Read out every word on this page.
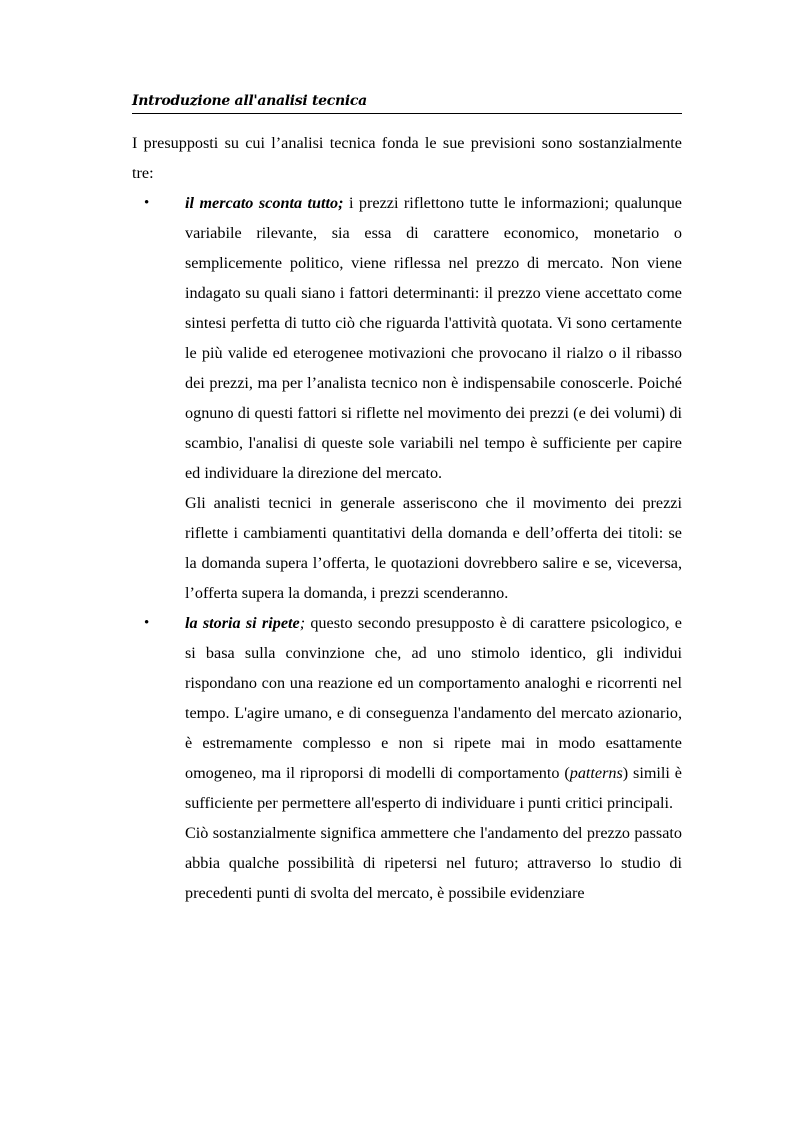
Introduzione all'analisi tecnica

I presupposti su cui l’analisi tecnica fonda le sue previsioni sono sostanzialmente tre:

• il mercato sconta tutto; i prezzi riflettono tutte le informazioni; qualunque variabile rilevante, sia essa di carattere economico, monetario o semplicemente politico, viene riflessa nel prezzo di mercato. Non viene indagato su quali siano i fattori determinanti: il prezzo viene accettato come sintesi perfetta di tutto ciò che riguarda l'attività quotata. Vi sono certamente le più valide ed eterogenee motivazioni che provocano il rialzo o il ribasso dei prezzi, ma per l’analista tecnico non è indispensabile conoscerle. Poiché ognuno di questi fattori si riflette nel movimento dei prezzi (e dei volumi) di scambio, l'analisi di queste sole variabili nel tempo è sufficiente per capire ed individuare la direzione del mercato.

Gli analisti tecnici in generale asseriscono che il movimento dei prezzi riflette i cambiamenti quantitativi della domanda e dell’offerta dei titoli: se la domanda supera l’offerta, le quotazioni dovrebbero salire e se, viceversa, l’offerta supera la domanda, i prezzi scenderanno.

• la storia si ripete; questo secondo presupposto è di carattere psicologico, e si basa sulla convinzione che, ad uno stimolo identico, gli individui rispondano con una reazione ed un comportamento analoghi e ricorrenti nel tempo. L'agire umano, e di conseguenza l'andamento del mercato azionario, è estremamente complesso e non si ripete mai in modo esattamente omogeneo, ma il riproporsi di modelli di comportamento (patterns) simili è sufficiente per permettere all'esperto di individuare i punti critici principali.

Ciò sostanzialmente significa ammettere che l'andamento del prezzo passato abbia qualche possibilità di ripetersi nel futuro; attraverso lo studio di precedenti punti di svolta del mercato, è possibile evidenziare
